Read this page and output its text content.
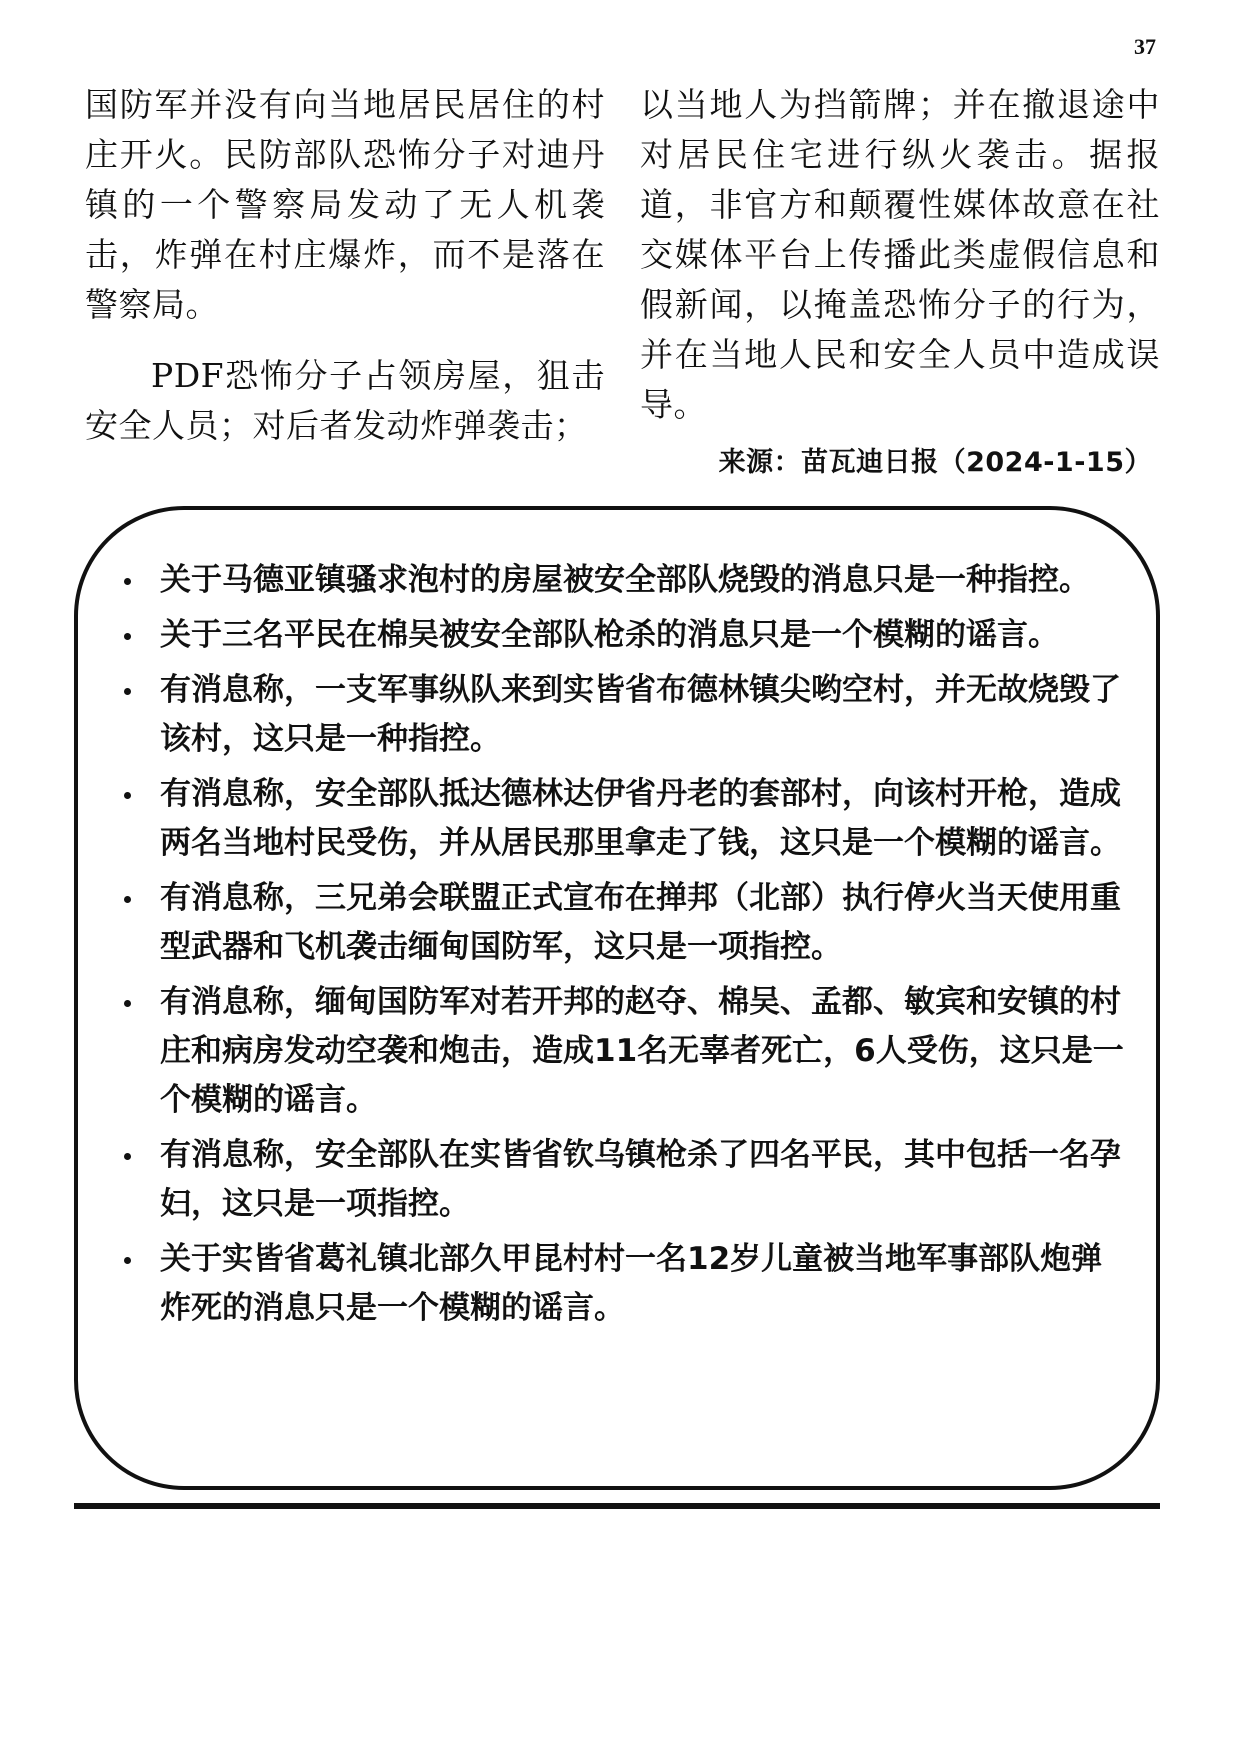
37

国防军并没有向当地居民居住的村庄开火。民防部队恐怖分子对迪丹镇的一个警察局发动了无人机袭击，炸弹在村庄爆炸，而不是落在警察局。

PDF恐怖分子占领房屋，狙击安全人员；对后者发动炸弹袭击；

以当地人为挡箭牌；并在撤退途中对居民住宅进行纵火袭击。据报道，非官方和颠覆性媒体故意在社交媒体平台上传播此类虚假信息和假新闻，以掩盖恐怖分子的行为，并在当地人民和安全人员中造成误导。

来源：苗瓦迪日报（2024-1-15）
关于马德亚镇骚求泡村的房屋被安全部队烧毁的消息只是一种指控。
关于三名平民在棉吴被安全部队枪杀的消息只是一个模糊的谣言。
有消息称，一支军事纵队来到实皆省布德林镇尖哟空村，并无故烧毁了该村，这只是一种指控。
有消息称，安全部队抵达德林达伊省丹老的套部村，向该村开枪，造成两名当地村民受伤，并从居民那里拿走了钱，这只是一个模糊的谣言。
有消息称，三兄弟会联盟正式宣布在掸邦（北部）执行停火当天使用重型武器和飞机袭击缅甸国防军，这只是一项指控。
有消息称，缅甸国防军对若开邦的赵夺、棉吴、孟都、敏宾和安镇的村庄和病房发动空袭和炮击，造成11名无辜者死亡，6人受伤，这只是一个模糊的谣言。
有消息称，安全部队在实皆省钦乌镇枪杀了四名平民，其中包括一名孕妇，这只是一项指控。
关于实皆省葛礼镇北部久甲昆村村一名12岁儿童被当地军事部队炮弹炸死的消息只是一个模糊的谣言。
